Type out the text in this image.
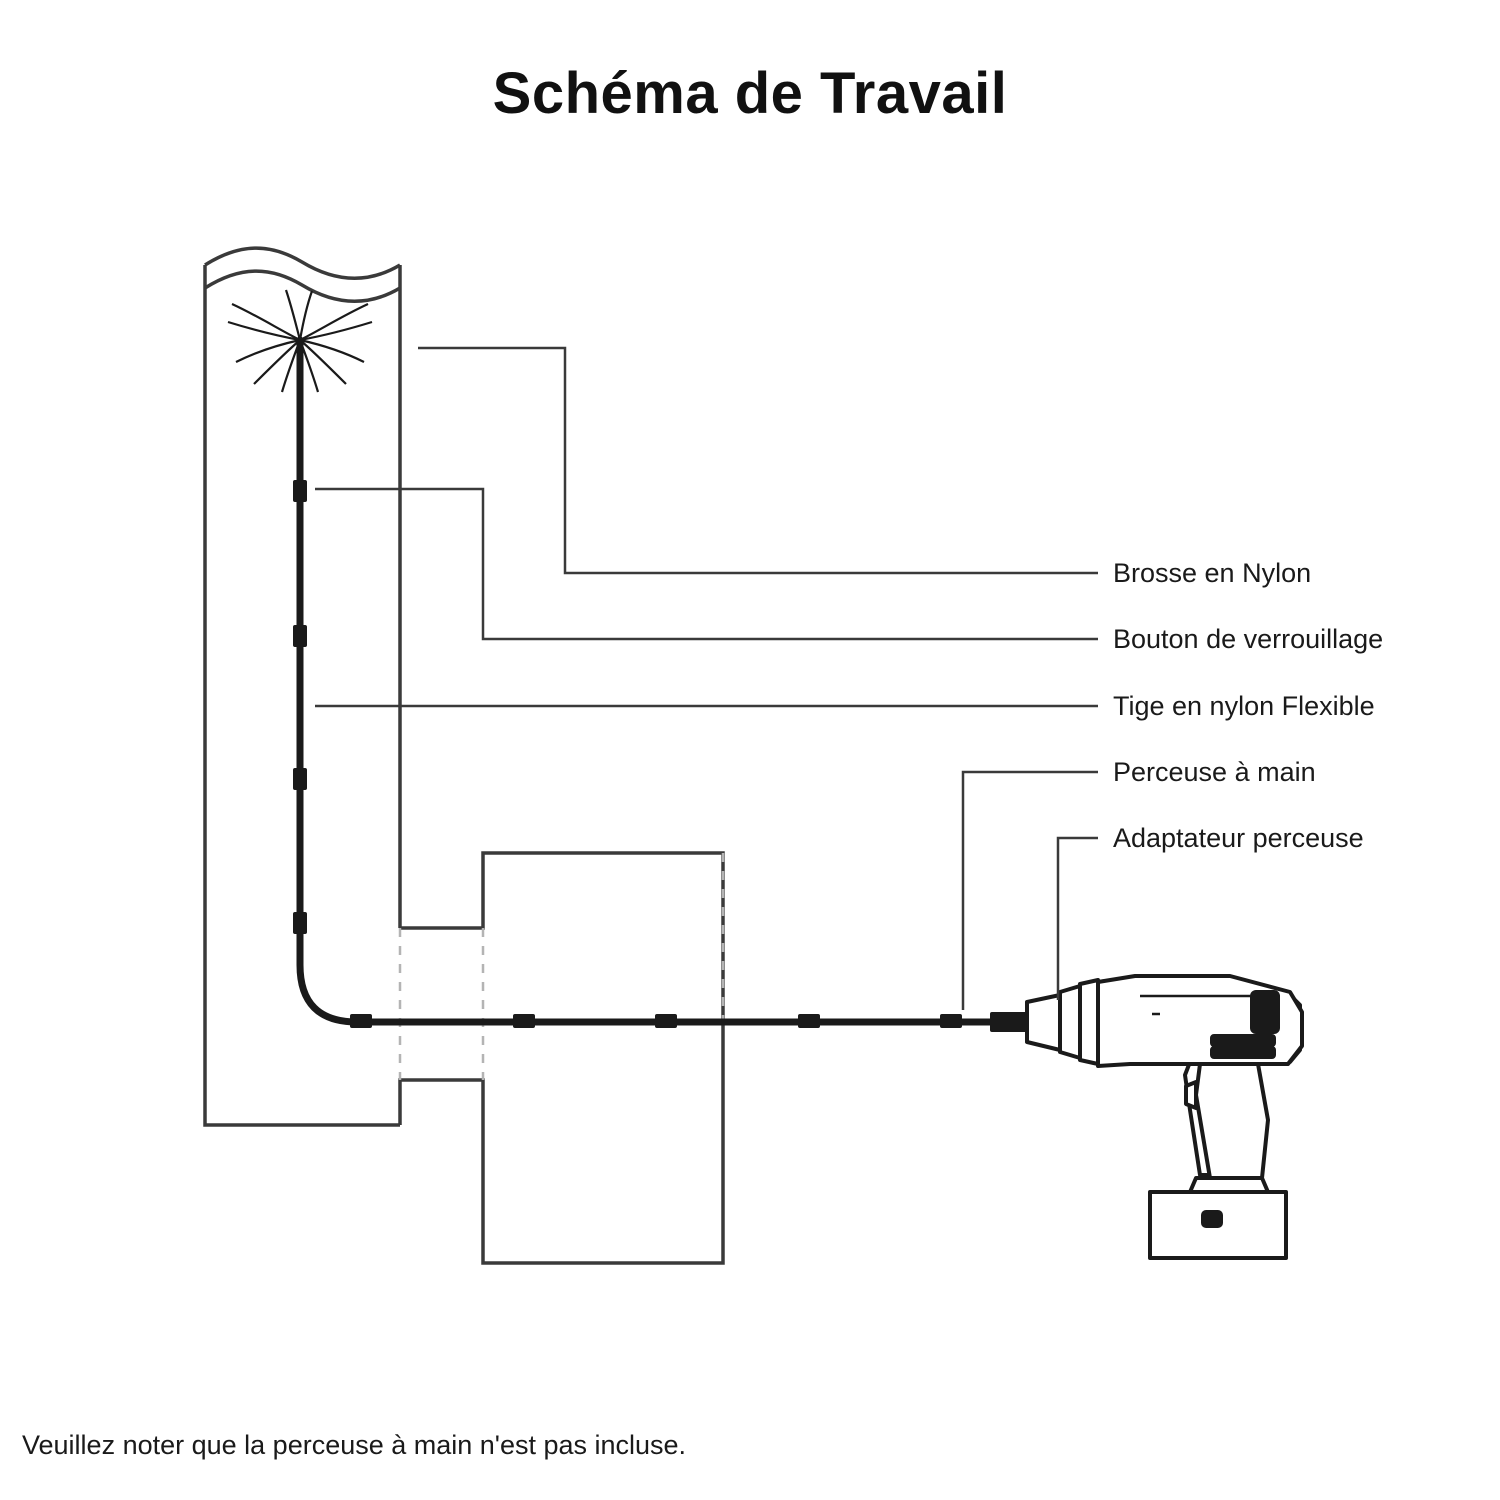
Schéma de Travail
Brosse en Nylon
Bouton de verrouillage
Tige en nylon Flexible
Perceuse à main
Adaptateur perceuse
Veuillez noter que la perceuse à main n'est pas incluse.
